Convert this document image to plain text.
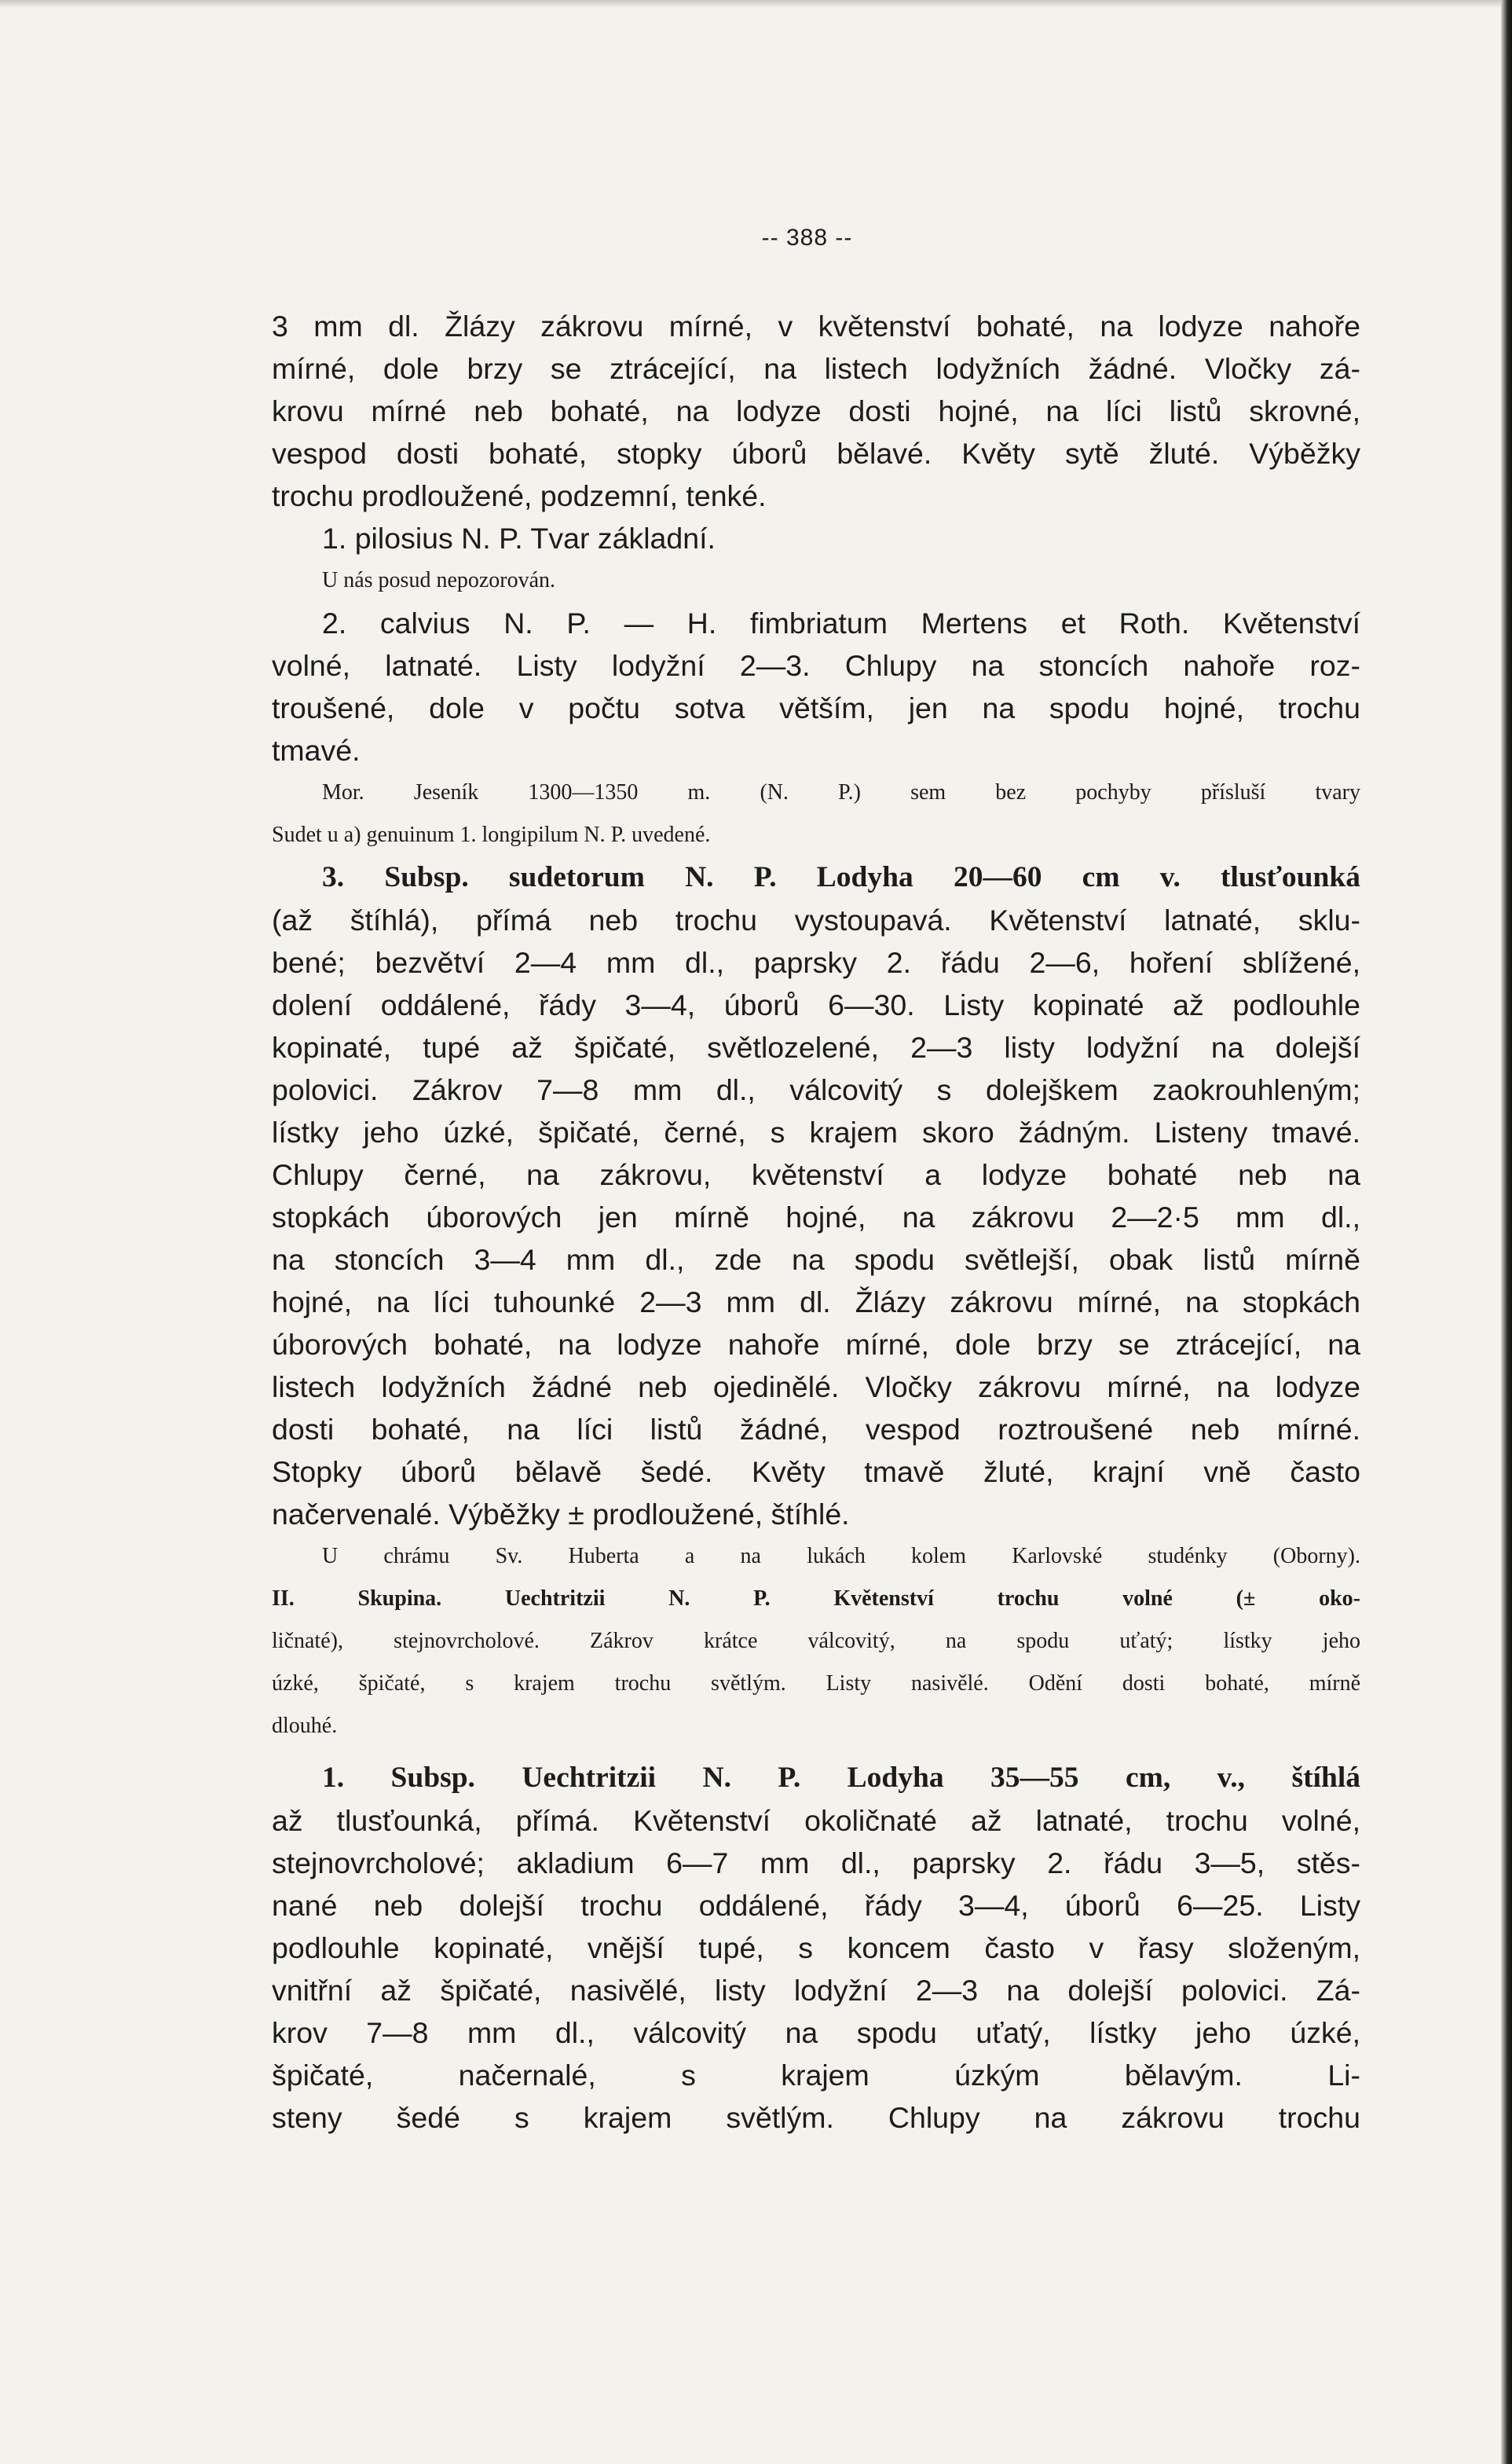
-- 388 --
3 mm dl. Žlázy zákrovu mírné, v květenství bohaté, na lodyze nahoře
mírné, dole brzy se ztrácející, na listech lodyžních žádné. Vločky zá-
krovu mírné neb bohaté, na lodyze dosti hojné, na líci listů skrovné,
vespod dosti bohaté, stopky úborů bělavé. Květy sytě žluté. Výběžky
trochu prodloužené, podzemní, tenké.
1. pilosius N. P. Tvar základní.
U nás posud nepozorován.
2. calvius N. P. — H. fimbriatum Mertens et Roth. Květenství
volné, latnaté. Listy lodyžní 2—3. Chlupy na stoncích nahoře roz-
troušené, dole v počtu sotva větším, jen na spodu hojné, trochu
tmavé.
Mor. Jeseník 1300—1350 m. (N. P.) sem bez pochyby přísluší tvary
Sudet u a) genuinum 1. longipilum N. P. uvedené.
3. Subsp. sudetorum N. P. Lodyha 20—60 cm v. tlusťounká
(až štíhlá), přímá neb trochu vystoupavá. Květenství latnaté, sklu-
bené; bezvětví 2—4 mm dl., paprsky 2. řádu 2—6, hoření sblížené,
dolení oddálené, řády 3—4, úborů 6—30. Listy kopinaté až podlouhle
kopinaté, tupé až špičaté, světlozelené, 2—3 listy lodyžní na dolejší
polovici. Zákrov 7—8 mm dl., válcovitý s dolejškem zaokrouhleným;
lístky jeho úzké, špičaté, černé, s krajem skoro žádným. Listeny tmavé.
Chlupy černé, na zákrovu, květenství a lodyze bohaté neb na
stopkách úborových jen mírně hojné, na zákrovu 2—2·5 mm dl.,
na stoncích 3—4 mm dl., zde na spodu světlejší, obak listů mírně
hojné, na líci tuhounké 2—3 mm dl. Žlázy zákrovu mírné, na stopkách
úborových bohaté, na lodyze nahoře mírné, dole brzy se ztrácející, na
listech lodyžních žádné neb ojedinělé. Vločky zákrovu mírné, na lodyze
dosti bohaté, na líci listů žádné, vespod roztroušené neb mírné.
Stopky úborů bělavě šedé. Květy tmavě žluté, krajní vně často
načervenalé. Výběžky ± prodloužené, štíhlé.
U chrámu Sv. Huberta a na lukách kolem Karlovské studénky (Oborny).
II. Skupina. Uechtritzii N. P. Květenství trochu volné (± oko-
ličnaté), stejnovrcholové. Zákrov krátce válcovitý, na spodu uťatý; lístky jeho
úzké, špičaté, s krajem trochu světlým. Listy nasivělé. Odění dosti bohaté, mírně
dlouhé.
1. Subsp. Uechtritzii N. P. Lodyha 35—55 cm, v., štíhlá
až tlusťounká, přímá. Květenství okoličnaté až latnaté, trochu volné,
stejnovrcholové; akladium 6—7 mm dl., paprsky 2. řádu 3—5, stěs-
nané neb dolejší trochu oddálené, řády 3—4, úborů 6—25. Listy
podlouhle kopinaté, vnější tupé, s koncem často v řasy složeným,
vnitřní až špičaté, nasivělé, listy lodyžní 2—3 na dolejší polovici. Zá-
krov 7—8 mm dl., válcovitý na spodu uťatý, lístky jeho úzké,
špičaté, načernalé, s krajem úzkým bělavým. Li-
steny šedé s krajem světlým. Chlupy na zákrovu trochu
